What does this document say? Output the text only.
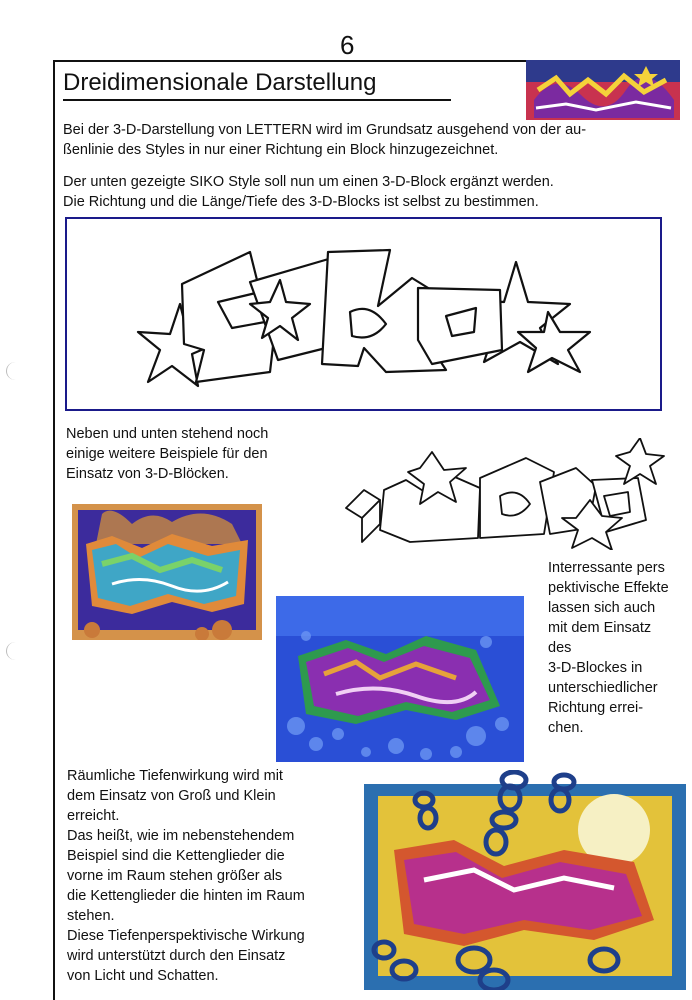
6
Dreidimensionale Darstellung
Bei der 3-D-Darstellung von LETTERN wird im Grundsatz ausgehend von der au-
ßenlinie des Styles in nur einer Richtung ein Block hinzugezeichnet.
Der unten gezeigte SIKO Style soll nun um einen 3-D-Block ergänzt werden.
Die Richtung und die Länge/Tiefe des 3-D-Blocks ist selbst zu bestimmen.
Neben und unten stehend noch
einige weitere Beispiele für den
Einsatz von 3-D-Blöcken.
Interressante pers
pektivische Effekte
lassen sich auch
mit dem Einsatz
des
3-D-Blockes in
unterschiedlicher
Richtung errei-
chen.
Räumliche Tiefenwirkung wird mit
dem Einsatz von Groß und Klein
erreicht.
Das heißt, wie im nebenstehendem
Beispiel sind die Kettenglieder die
vorne im Raum stehen größer als
die Kettenglieder die hinten im Raum
stehen.
Diese Tiefenperspektivische Wirkung
wird unterstützt durch den Einsatz
von Licht und Schatten.
